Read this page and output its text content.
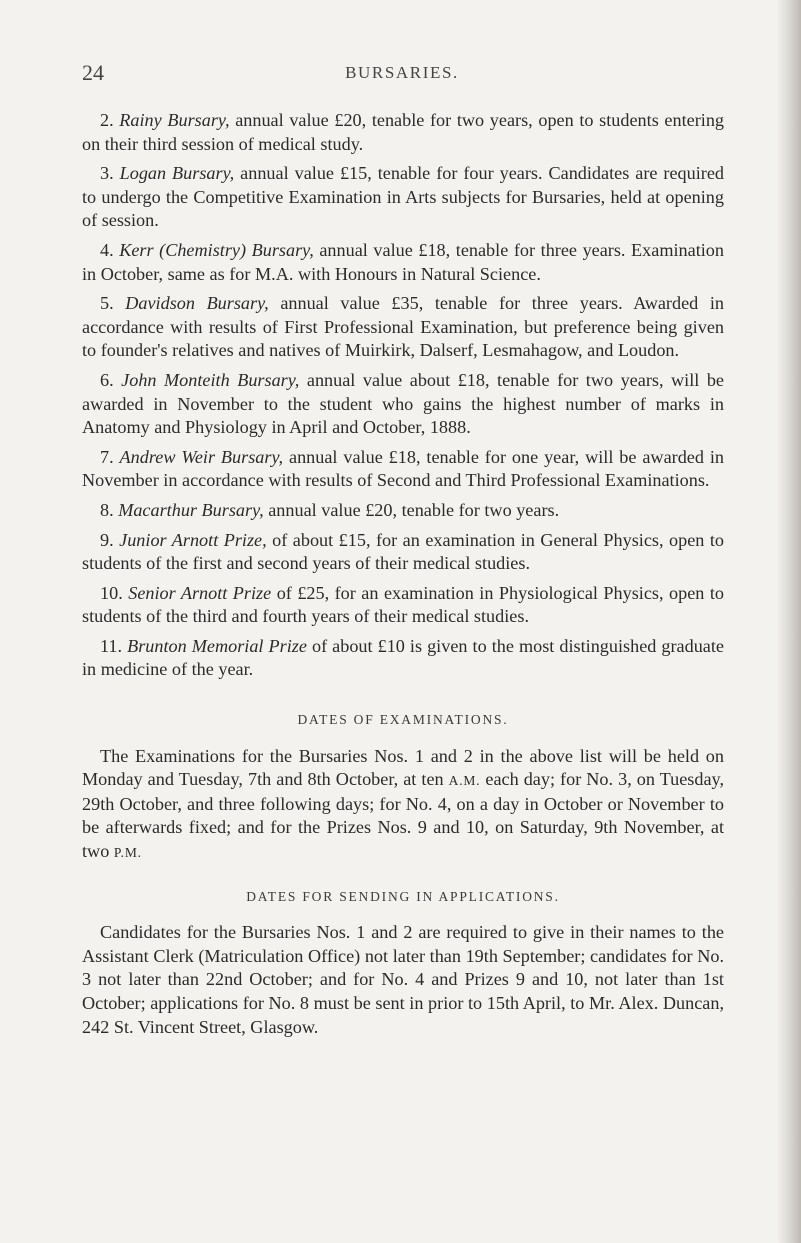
24	BURSARIES.

2. Rainy Bursary, annual value £20, tenable for two years, open to students entering on their third session of medical study.

3. Logan Bursary, annual value £15, tenable for four years. Candidates are required to undergo the Competitive Examination in Arts subjects for Bursaries, held at opening of session.

4. Kerr (Chemistry) Bursary, annual value £18, tenable for three years. Examination in October, same as for M.A. with Honours in Natural Science.

5. Davidson Bursary, annual value £35, tenable for three years. Awarded in accordance with results of First Professional Examination, but preference being given to founder's relatives and natives of Muirkirk, Dalserf, Lesmahagow, and Loudon.

6. John Monteith Bursary, annual value about £18, tenable for two years, will be awarded in November to the student who gains the highest number of marks in Anatomy and Physiology in April and October, 1888.

7. Andrew Weir Bursary, annual value £18, tenable for one year, will be awarded in November in accordance with results of Second and Third Professional Examinations.

8. Macarthur Bursary, annual value £20, tenable for two years.

9. Junior Arnott Prize, of about £15, for an examination in General Physics, open to students of the first and second years of their medical studies.

10. Senior Arnott Prize of £25, for an examination in Physiological Physics, open to students of the third and fourth years of their medical studies.

11. Brunton Memorial Prize of about £10 is given to the most distinguished graduate in medicine of the year.

DATES OF EXAMINATIONS.

The Examinations for the Bursaries Nos. 1 and 2 in the above list will be held on Monday and Tuesday, 7th and 8th October, at ten A.M. each day; for No. 3, on Tuesday, 29th October, and three following days; for No. 4, on a day in October or November to be afterwards fixed; and for the Prizes Nos. 9 and 10, on Saturday, 9th November, at two P.M.

DATES FOR SENDING IN APPLICATIONS.

Candidates for the Bursaries Nos. 1 and 2 are required to give in their names to the Assistant Clerk (Matriculation Office) not later than 19th September; candidates for No. 3 not later than 22nd October; and for No. 4 and Prizes 9 and 10, not later than 1st October; applications for No. 8 must be sent in prior to 15th April, to Mr. Alex. Duncan, 242 St. Vincent Street, Glasgow.
